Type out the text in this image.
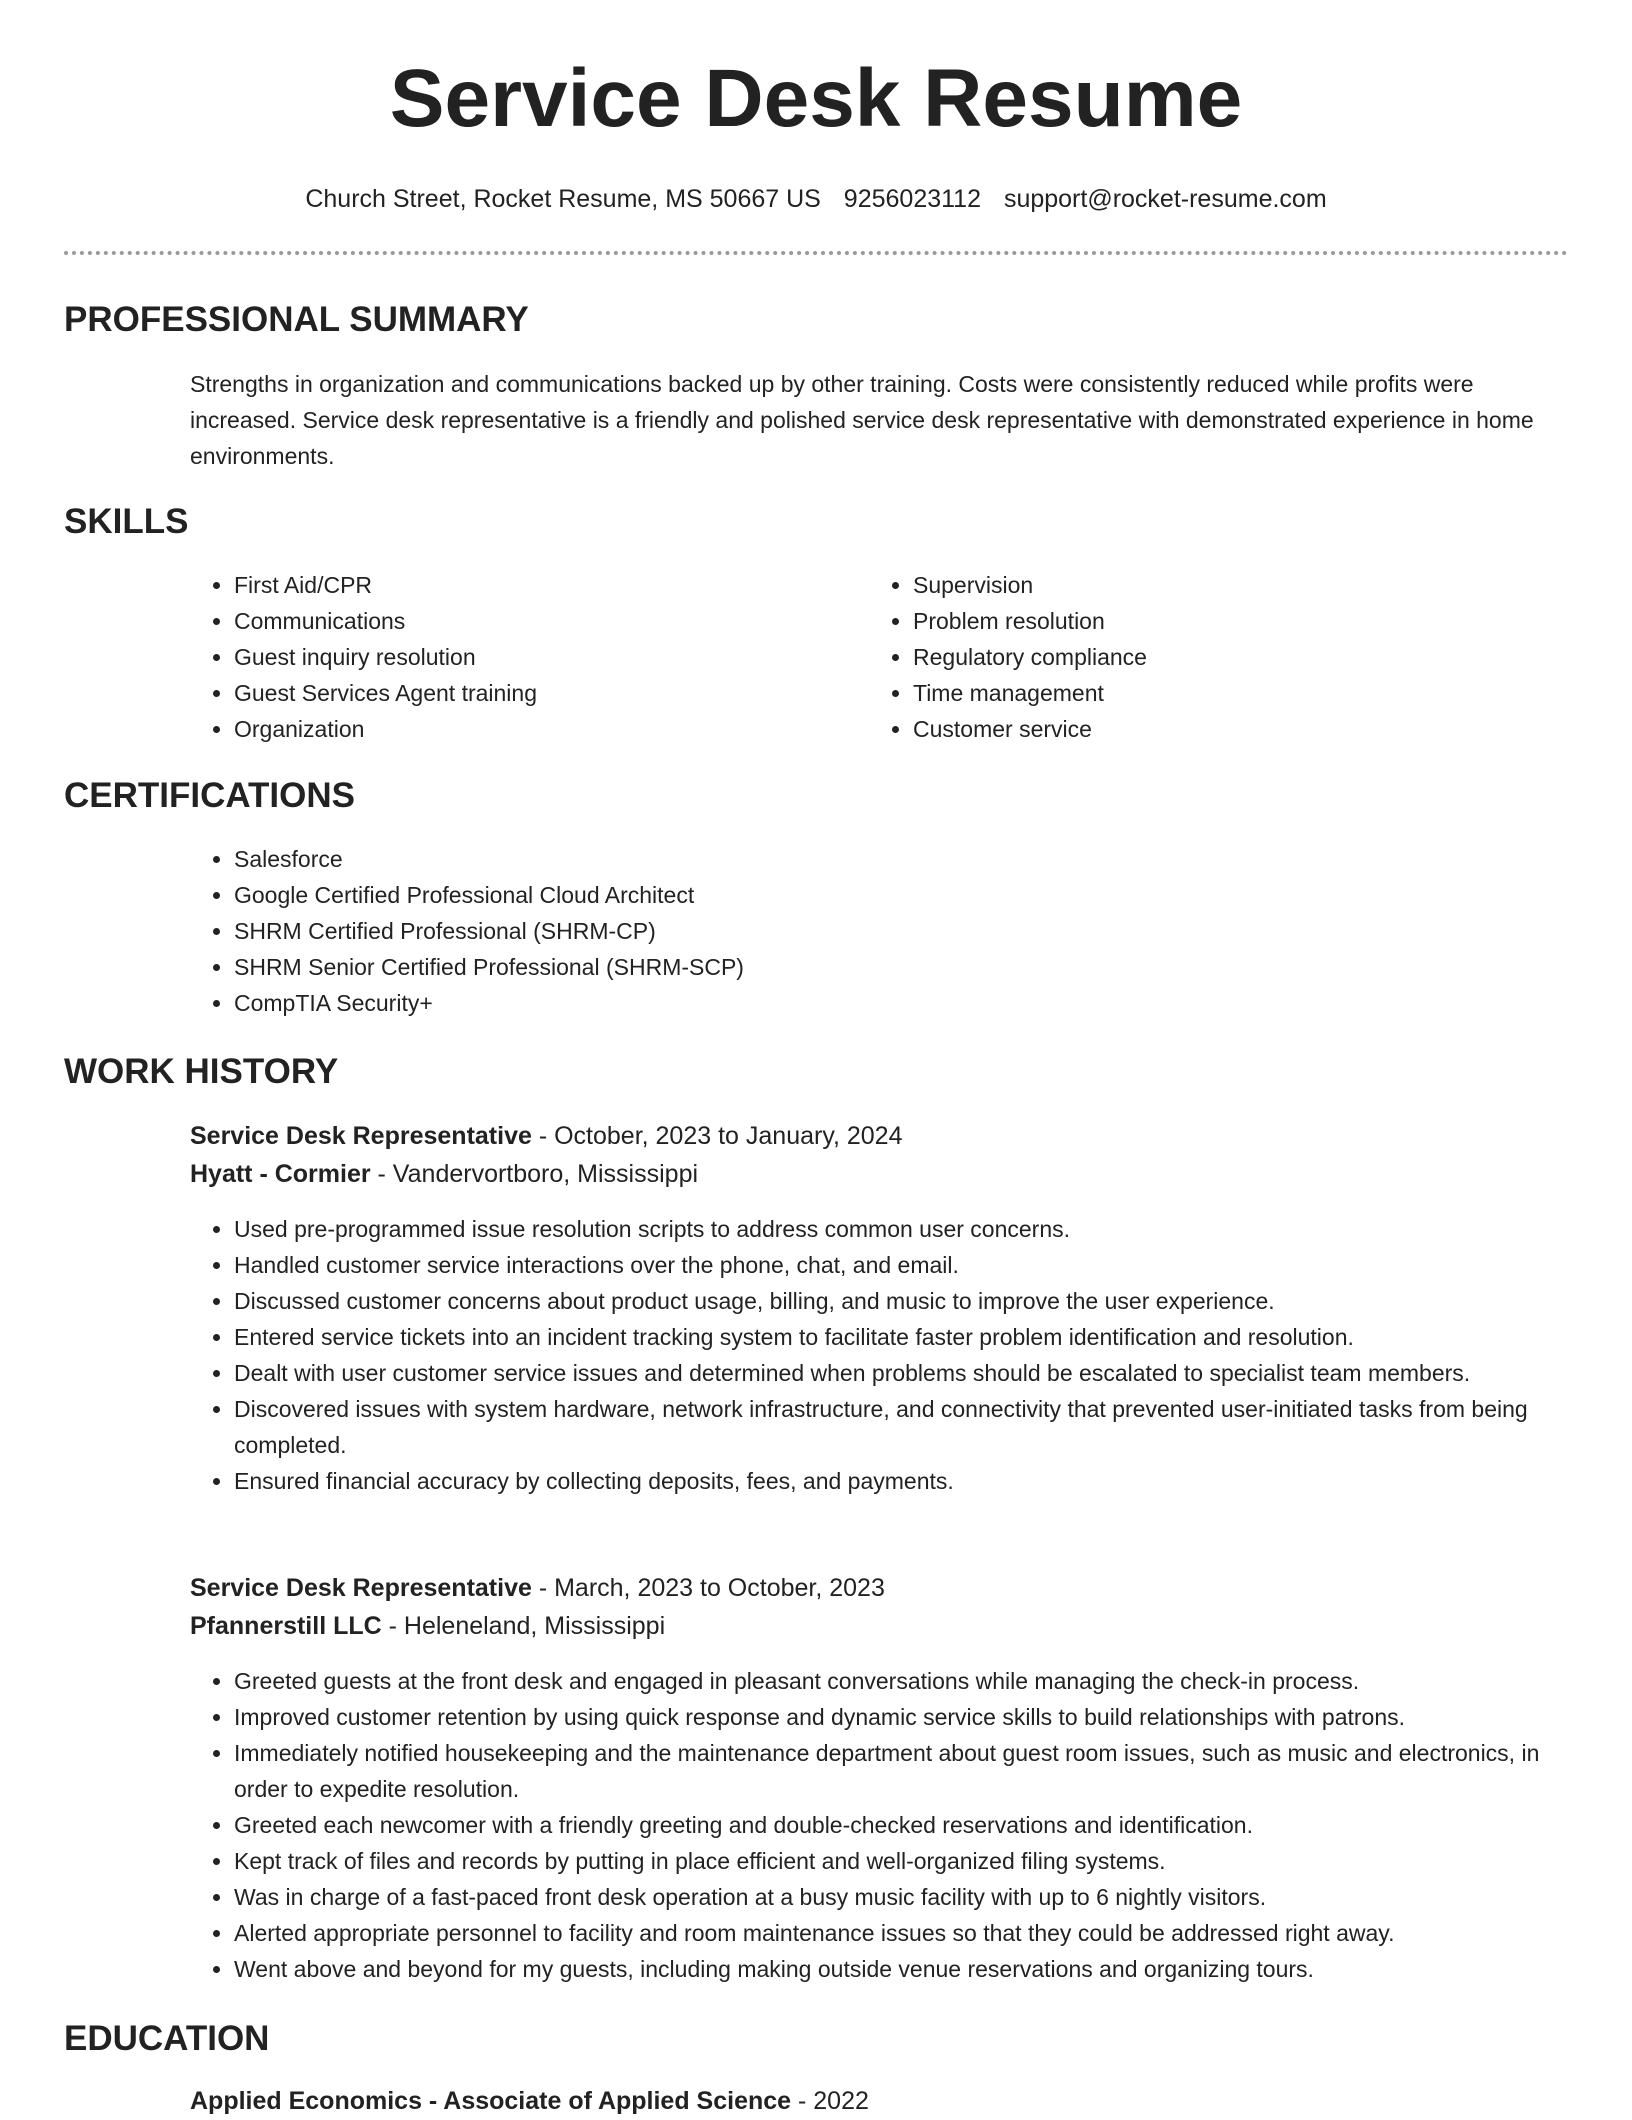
Service Desk Resume
Church Street, Rocket Resume, MS 50667 US 9256023112 support@rocket-resume.com
PROFESSIONAL SUMMARY

Strengths in organization and communications backed up by other training. Costs were consistently reduced while profits were increased. Service desk representative is a friendly and polished service desk representative with demonstrated experience in home environments.

SKILLS
• First Aid/CPR
• Communications
• Guest inquiry resolution
• Guest Services Agent training
• Organization
• Supervision
• Problem resolution
• Regulatory compliance
• Time management
• Customer service
CERTIFICATIONS
• Salesforce
• Google Certified Professional Cloud Architect
• SHRM Certified Professional (SHRM-CP)
• SHRM Senior Certified Professional (SHRM-SCP)
• CompTIA Security+
WORK HISTORY

Service Desk Representative - October, 2023 to January, 2024

Hyatt - Cormier - Vandervortboro, Mississippi

• Used pre-programmed issue resolution scripts to address common user concerns.
• Handled customer service interactions over the phone, chat, and email.
• Discussed customer concerns about product usage, billing, and music to improve the user experience.
• Entered service tickets into an incident tracking system to facilitate faster problem identification and resolution.
• Dealt with user customer service issues and determined when problems should be escalated to specialist team members.
• Discovered issues with system hardware, network infrastructure, and connectivity that prevented user-initiated tasks from being completed.
• Ensured financial accuracy by collecting deposits, fees, and payments.

Service Desk Representative - March, 2023 to October, 2023

Pfannerstill LLC - Heleneland, Mississippi

• Greeted guests at the front desk and engaged in pleasant conversations while managing the check-in process.
• Improved customer retention by using quick response and dynamic service skills to build relationships with patrons.
• Immediately notified housekeeping and the maintenance department about guest room issues, such as music and electronics, in order to expedite resolution.
• Greeted each newcomer with a friendly greeting and double-checked reservations and identification.
• Kept track of files and records by putting in place efficient and well-organized filing systems.
• Was in charge of a fast-paced front desk operation at a busy music facility with up to 6 nightly visitors.
• Alerted appropriate personnel to facility and room maintenance issues so that they could be addressed right away.
• Went above and beyond for my guests, including making outside venue reservations and organizing tours.
EDUCATION

Applied Economics - Associate of Applied Science - 2022
